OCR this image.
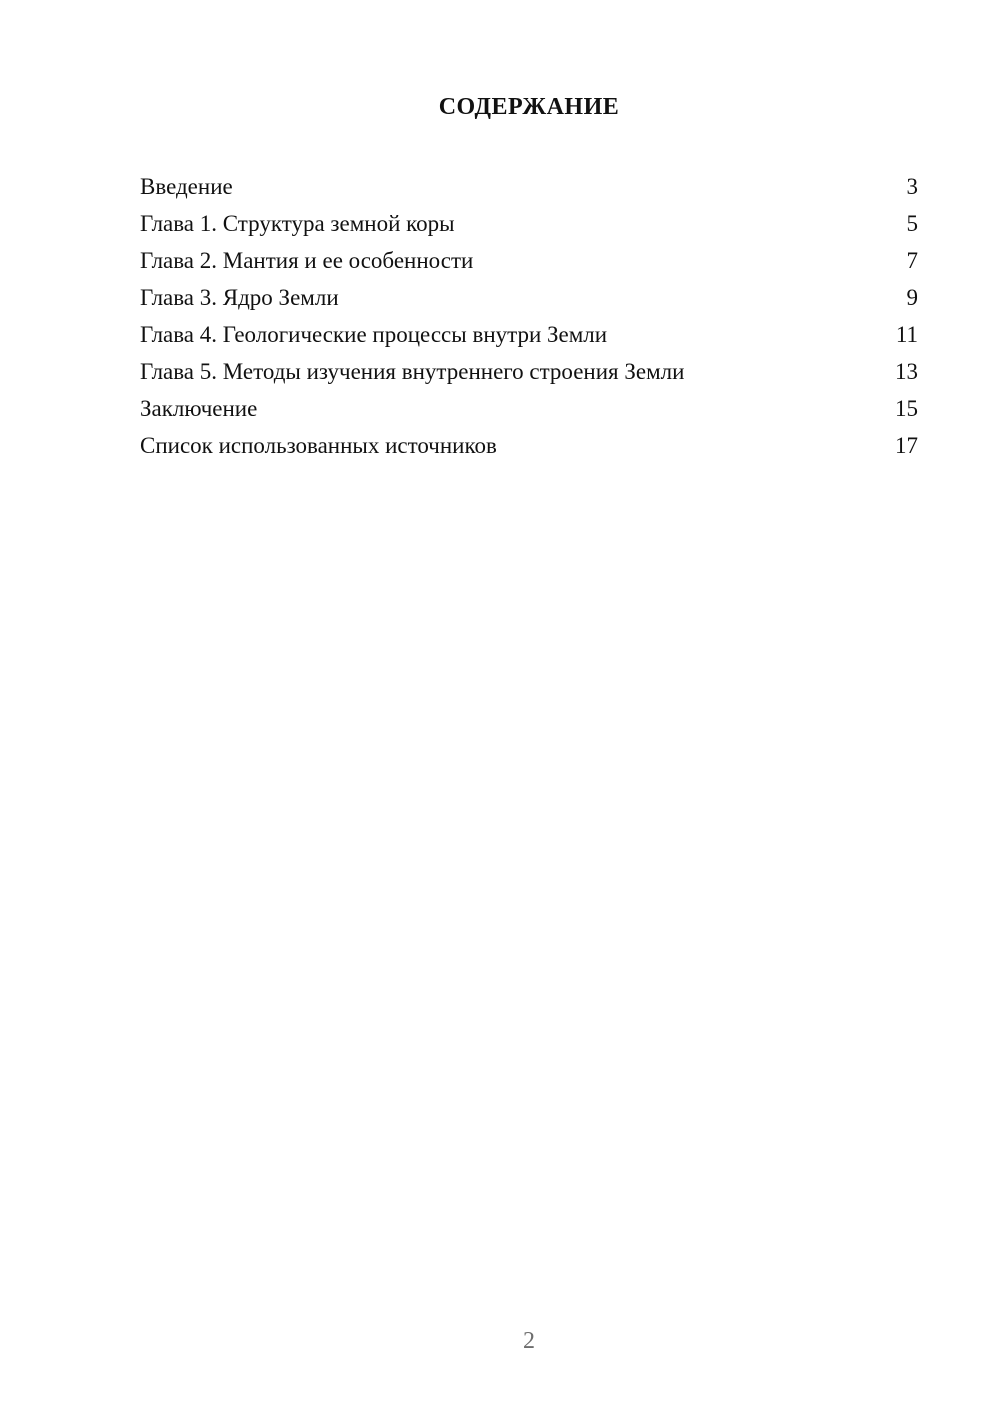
СОДЕРЖАНИЕ
Введение	3
Глава 1. Структура земной коры	5
Глава 2. Мантия и ее особенности	7
Глава 3. Ядро Земли	9
Глава 4. Геологические процессы внутри Земли	11
Глава 5. Методы изучения внутреннего строения Земли	13
Заключение	15
Список использованных источников	17
2
